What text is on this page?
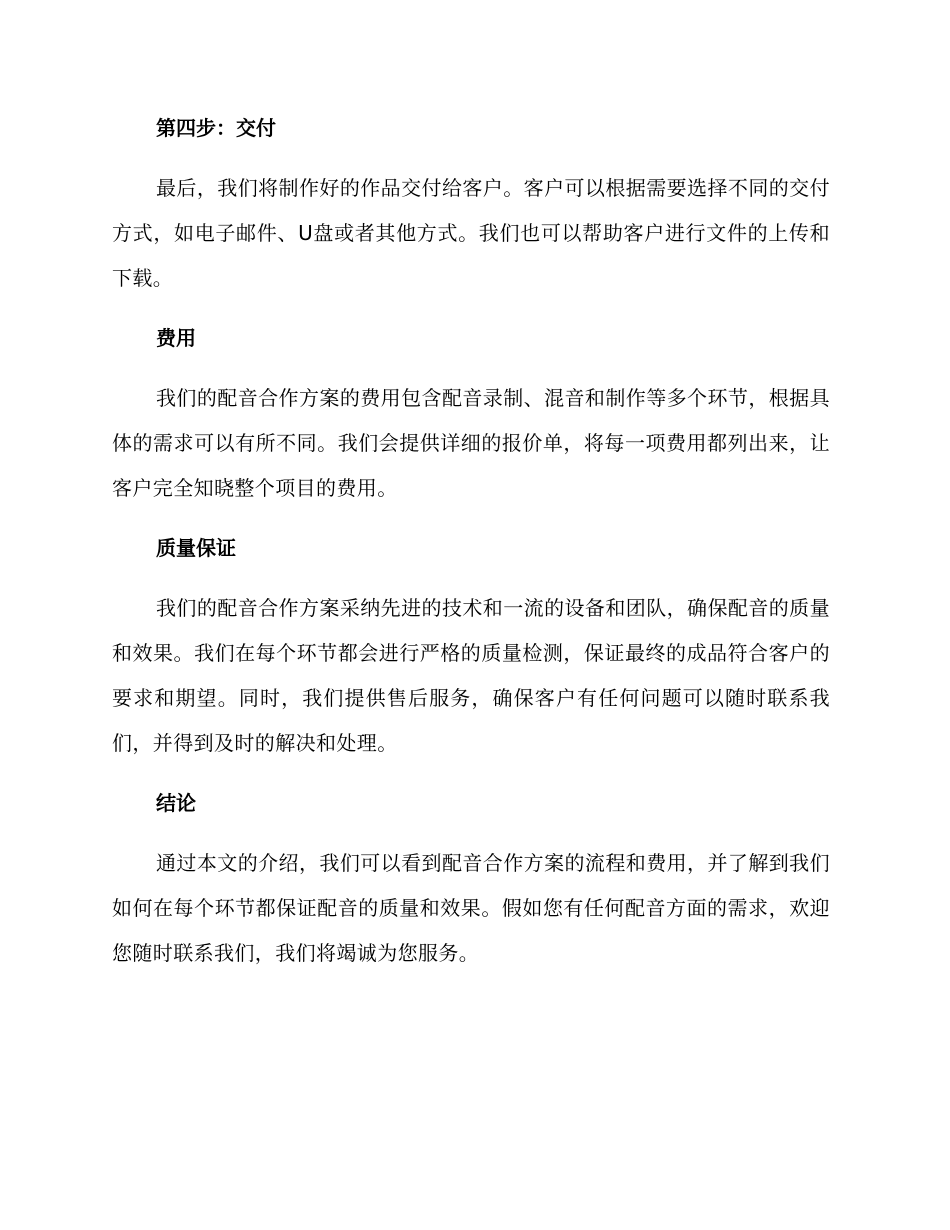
第四步：交付

最后，我们将制作好的作品交付给客户。客户可以根据需要选择不同的交付方式，如电子邮件、U盘或者其他方式。我们也可以帮助客户进行文件的上传和下载。

费用

我们的配音合作方案的费用包含配音录制、混音和制作等多个环节，根据具体的需求可以有所不同。我们会提供详细的报价单，将每一项费用都列出来，让客户完全知晓整个项目的费用。

质量保证

我们的配音合作方案采纳先进的技术和一流的设备和团队，确保配音的质量和效果。我们在每个环节都会进行严格的质量检测，保证最终的成品符合客户的要求和期望。同时，我们提供售后服务，确保客户有任何问题可以随时联系我们，并得到及时的解决和处理。

结论

通过本文的介绍，我们可以看到配音合作方案的流程和费用，并了解到我们如何在每个环节都保证配音的质量和效果。假如您有任何配音方面的需求，欢迎您随时联系我们，我们将竭诚为您服务。
